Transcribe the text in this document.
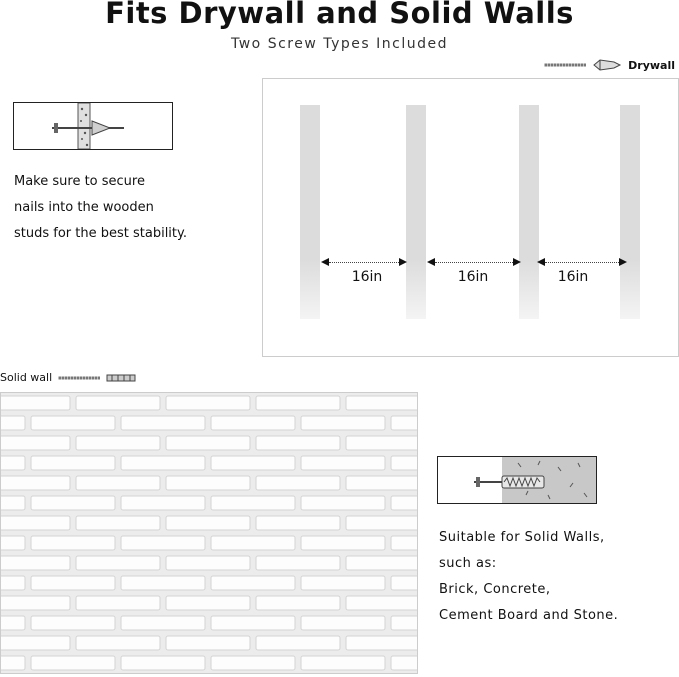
Fits Drywall and Solid Walls
Two Screw Types Included
Drywall
Make sure to secure
nails into the wooden
studs for the best stability.
16in	16in	16in
Solid wall
Suitable for Solid Walls,
such as:
Brick, Concrete,
Cement Board and Stone.
